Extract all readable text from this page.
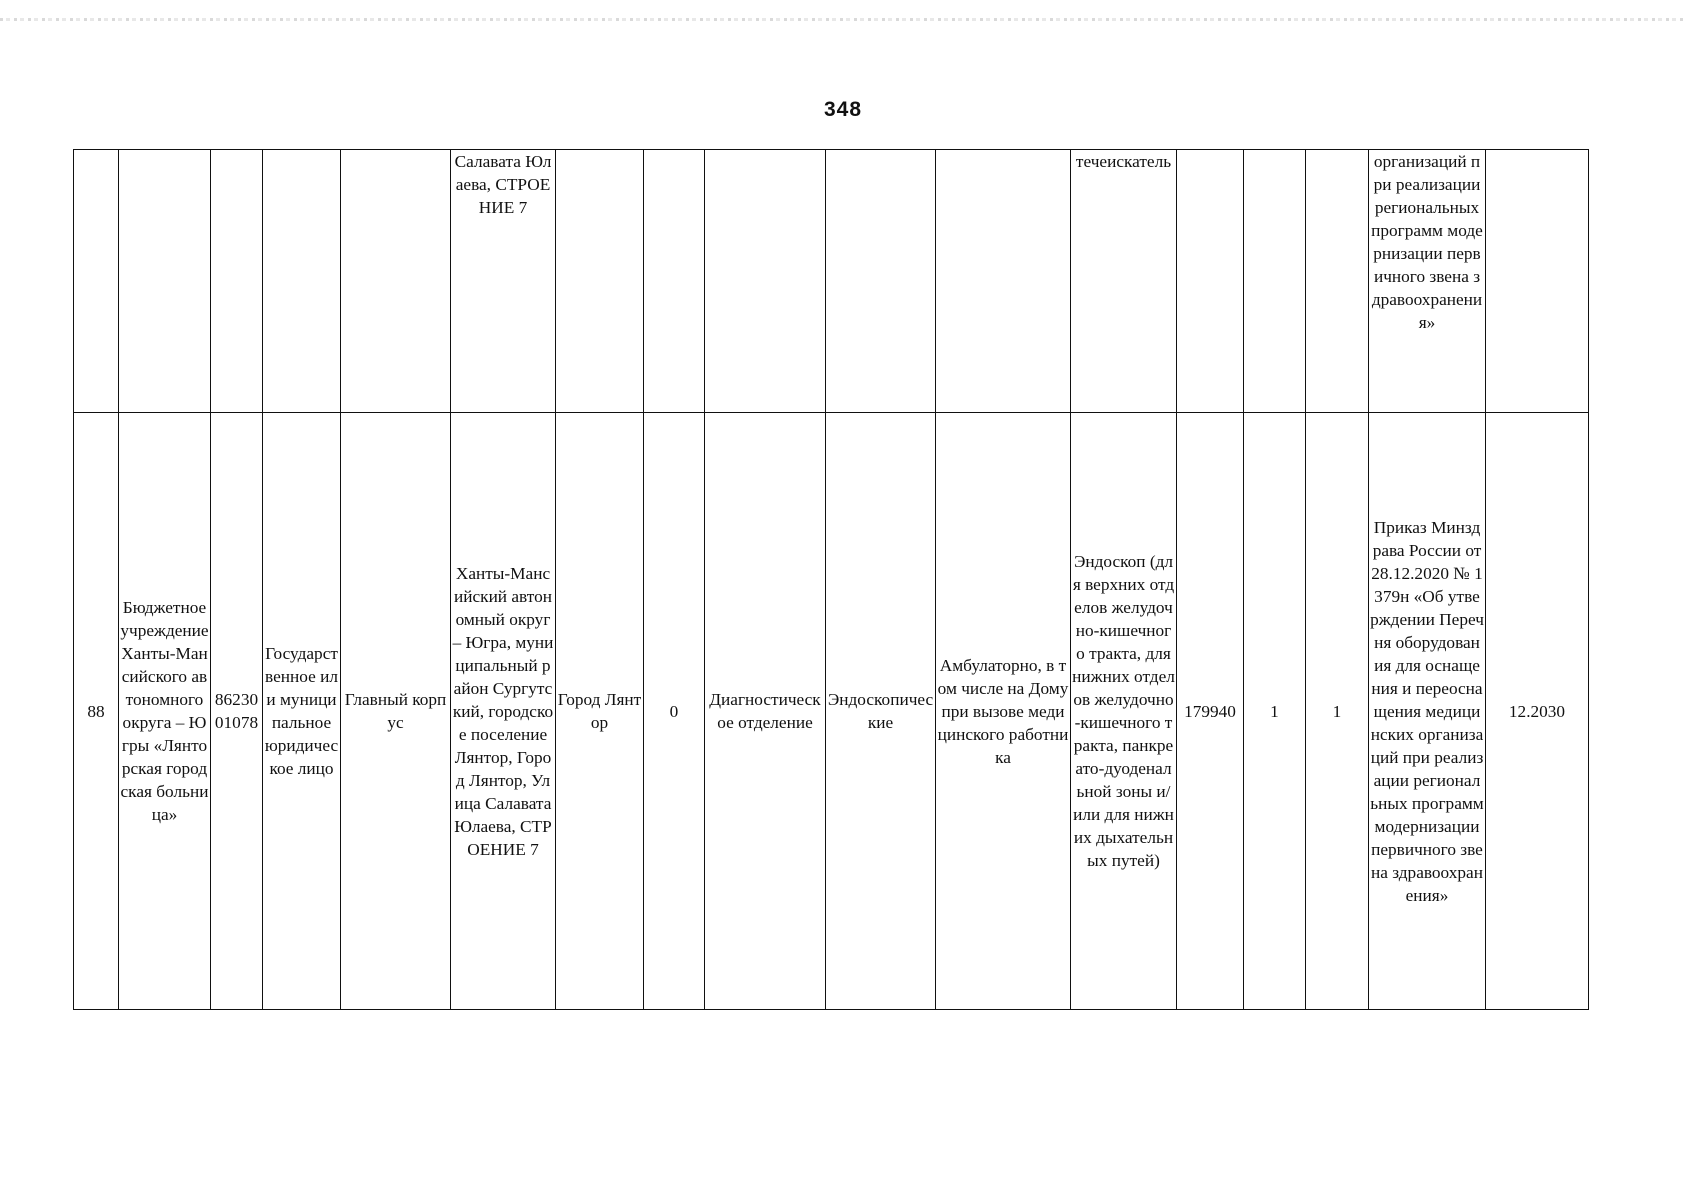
348
					Салавата Юлаева, СТРОЕНИЕ 7						течеискатель				организаций при реализации региональных программ модернизации первичного звена здравоохранения»	
88	Бюджетное учреждение Ханты-Мансийского автономного округа – Югры «Лянторская городская больница»	8623001078	Государственное или муниципальное юридическое лицо	Главный корпус	Ханты-Мансийский автономный округ – Югра, муниципальный район Сургутский, городское поселение Лянтор, Город Лянтор, Улица Салавата Юлаева, СТРОЕНИЕ 7	Город Лянтор	0	Диагностическое отделение	Эндоскопические	Амбулаторно, в том числе на Дому при вызове медицинского работника	Эндоскоп (для верхних отделов желудочно-кишечного тракта, для нижних отделов желудочно-кишечного тракта, панкреато-дуоденальной зоны и/или для нижних дыхательных путей)	179940	1	1	Приказ Минздрава России от 28.12.2020 № 1379н «Об утверждении Перечня оборудования для оснащения и переоснащения медицинских организаций при реализации региональных программ модернизации первичного звена здравоохранения»	12.2030
